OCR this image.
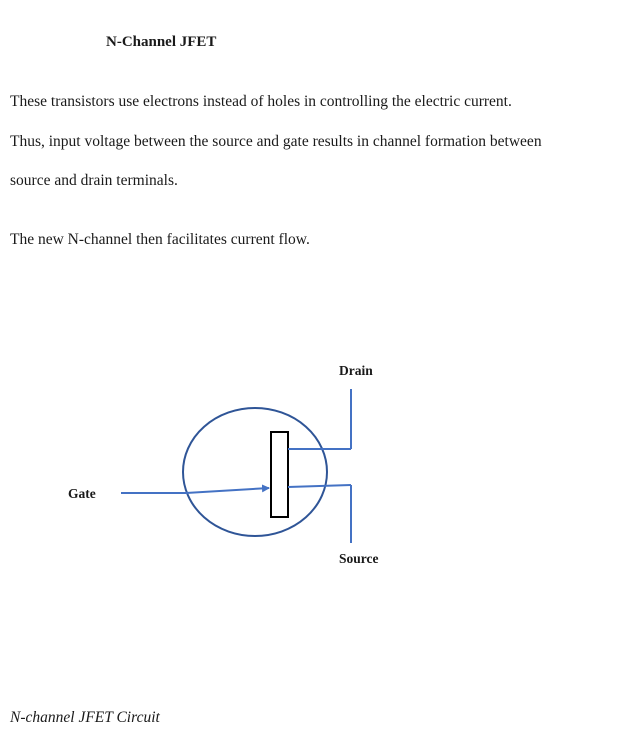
N-Channel JFET

These transistors use electrons instead of holes in controlling the electric current.

Thus, input voltage between the source and gate results in channel formation between

source and drain terminals.

The new N-channel then facilitates current flow.

Drain
Gate
Source

N-channel JFET Circuit
